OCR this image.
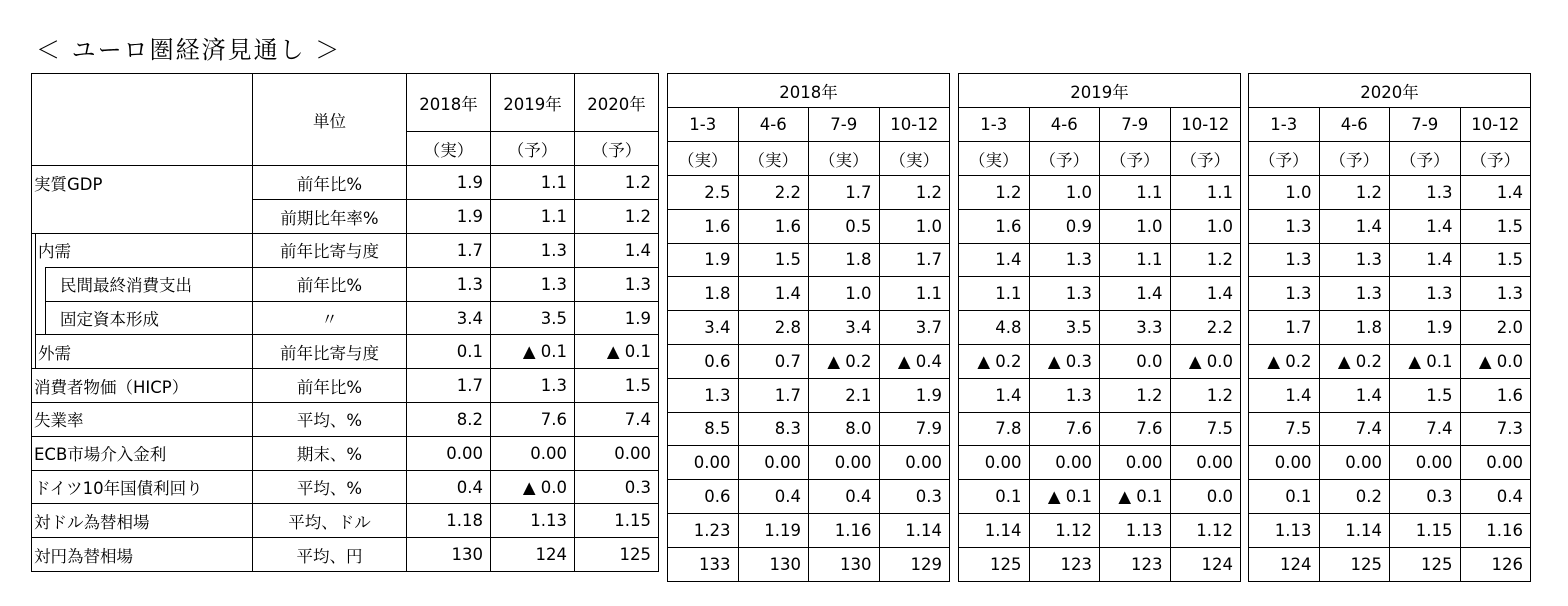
＜ ユーロ圏経済見通し ＞
			単位	2018年	2019年	2020年

				（実）	（予）	（予）
実質GDP			前年比%	1.9	1.1	1.2
			前期比年率%	1.9	1.1	1.2
	内需		前年比寄与度	1.7	1.3	1.4
		民間最終消費支出	前年比%	1.3	1.3	1.3
		固定資本形成	〃	3.4	3.5	1.9
	外需		前年比寄与度	0.1	▲ 0.1	▲ 0.1
消費者物価（HICP）			前年比%	1.7	1.3	1.5
失業率			平均、%	8.2	7.6	7.4
ECB市場介入金利			期末、%	0.00	0.00	0.00
ドイツ10年国債利回り			平均、%	0.4	▲ 0.0	0.3
対ドル為替相場			平均、ドル	1.18	1.13	1.15
対円為替相場			平均、円	130	124	125
2018年			
1-3	4-6	7-9	10-12
（実）	（実）	（実）	（実）
2.5	2.2	1.7	1.2
1.6	1.6	0.5	1.0
1.9	1.5	1.8	1.7
1.8	1.4	1.0	1.1
3.4	2.8	3.4	3.7
0.6	0.7	▲ 0.2	▲ 0.4
1.3	1.7	2.1	1.9
8.5	8.3	8.0	7.9
0.00	0.00	0.00	0.00
0.6	0.4	0.4	0.3
1.23	1.19	1.16	1.14
133	130	130	129
2019年			
1-3	4-6	7-9	10-12
（実）	（予）	（予）	（予）
1.2	1.0	1.1	1.1
1.6	0.9	1.0	1.0
1.4	1.3	1.1	1.2
1.1	1.3	1.4	1.4
4.8	3.5	3.3	2.2
▲ 0.2	▲ 0.3	0.0	▲ 0.0
1.4	1.3	1.2	1.2
7.8	7.6	7.6	7.5
0.00	0.00	0.00	0.00
0.1	▲ 0.1	▲ 0.1	0.0
1.14	1.12	1.13	1.12
125	123	123	124
2020年			
1-3	4-6	7-9	10-12
（予）	（予）	（予）	（予）
1.0	1.2	1.3	1.4
1.3	1.4	1.4	1.5
1.3	1.3	1.4	1.5
1.3	1.3	1.3	1.3
1.7	1.8	1.9	2.0
▲ 0.2	▲ 0.2	▲ 0.1	▲ 0.0
1.4	1.4	1.5	1.6
7.5	7.4	7.4	7.3
0.00	0.00	0.00	0.00
0.1	0.2	0.3	0.4
1.13	1.14	1.15	1.16
124	125	125	126
